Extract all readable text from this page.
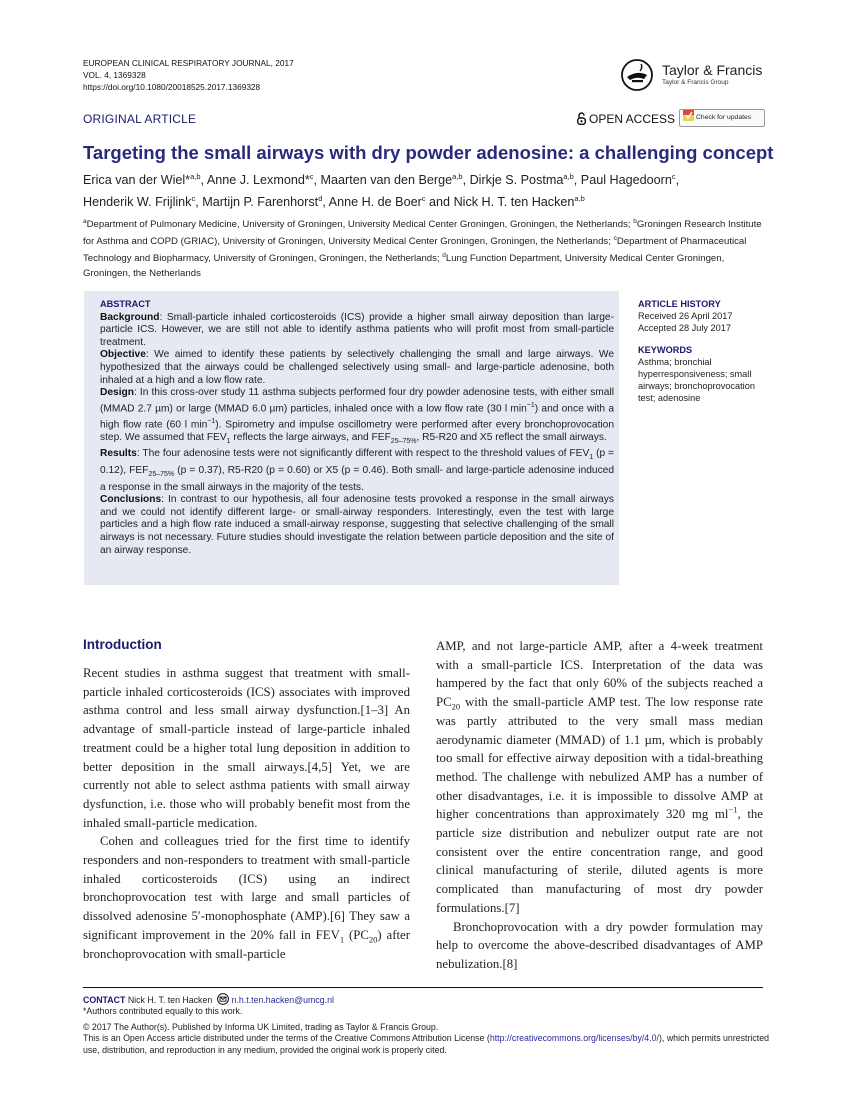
EUROPEAN CLINICAL RESPIRATORY JOURNAL, 2017
VOL. 4, 1369328
https://doi.org/10.1080/20018525.2017.1369328
Taylor & Francis
Taylor & Francis Group
ORIGINAL ARTICLE	OPEN ACCESS	Check for updates
Targeting the small airways with dry powder adenosine: a challenging concept
Erica van der Wiel*$^{a,b}$, Anne J. Lexmond*$^c$, Maarten van den Berge$^{a,b}$, Dirkje S. Postma$^{a,b}$, Paul Hagedoorn$^c$,
Henderik W. Frijlink$^c$, Martijn P. Farenhorst$^d$, Anne H. de Boer$^c$ and Nick H. T. ten Hacken$^{a,b}$
$^a$Department of Pulmonary Medicine, University of Groningen, University Medical Center Groningen, Groningen, the Netherlands; $^b$Groningen Research Institute for Asthma and COPD (GRIAC), University of Groningen, University Medical Center Groningen, Groningen, the Netherlands; $^c$Department of Pharmaceutical Technology and Biopharmacy, University of Groningen, Groningen, the Netherlands; $^d$Lung Function Department, University Medical Center Groningen, Groningen, the Netherlands
ABSTRACT

Background: Small-particle inhaled corticosteroids (ICS) provide a higher small airway deposition than large-particle ICS. However, we are still not able to identify asthma patients who will profit most from small-particle treatment.

Objective: We aimed to identify these patients by selectively challenging the small and large airways. We hypothesized that the airways could be challenged selectively using small- and large-particle adenosine, both inhaled at a high and a low flow rate.

Design: In this cross-over study 11 asthma subjects performed four dry powder adenosine tests, with either small (MMAD 2.7 µm) or large (MMAD 6.0 µm) particles, inhaled once with a low flow rate (30 l $\min^{-1}$) and once with a high flow rate (60 l $\min^{-1}$). Spirometry and impulse oscillometry were performed after every bronchoprovocation step. We assumed that $FEV_1$ reflects the large airways, and $FEF_{25-75\%}$, R5-R20 and X5 reflect the small airways.

Results: The four adenosine tests were not significantly different with respect to the threshold values of $FEV_1$ (p = 0.12), $FEF_{25-75\%}$ (p = 0.37), R5-R20 (p = 0.60) or X5 (p = 0.46). Both small- and large-particle adenosine induced a response in the small airways in the majority of the tests.

Conclusions: In contrast to our hypothesis, all four adenosine tests provoked a response in the small airways and we could not identify different large- or small-airway responders. Interestingly, even the test with large particles and a high flow rate induced a small-airway response, suggesting that selective challenging of the small airways is not necessary. Future studies should investigate the relation between particle deposition and the site of an airway response.

ARTICLE HISTORY

Received 26 April 2017

Accepted 28 July 2017

KEYWORDS

Asthma; bronchial hyperresponsiveness; small airways; bronchoprovocation test; adenosine

Introduction

Recent studies in asthma suggest that treatment with small-particle inhaled corticosteroids (ICS) associates with improved asthma control and less small airway dysfunction.[1–3] An advantage of small-particle instead of large-particle inhaled treatment could be a higher total lung deposition in addition to better deposition in the small airways.[4,5] Yet, we are currently not able to select asthma patients with small airway dysfunction, i.e. those who will probably benefit most from the inhaled small-particle medication.

Cohen and colleagues tried for the first time to identify responders and non-responders to treatment with small-particle inhaled corticosteroids (ICS) using an indirect bronchoprovocation test with large and small particles of dissolved adenosine 5′-monophosphate (AMP).[6] They saw a significant improvement in the 20% fall in $FEV_1$ $(PC_{20})$ after bronchoprovocation with small-particle

AMP, and not large-particle AMP, after a 4-week treatment with a small-particle ICS. Interpretation of the data was hampered by the fact that only 60% of the subjects reached a $PC_{20}$ with the small-particle AMP test. The low response rate was partly attributed to the very small mass median aerodynamic diameter (MMAD) of 1.1 µm, which is probably too small for effective airway deposition with a tidal-breathing method. The challenge with nebulized AMP has a number of other disadvantages, i.e. it is impossible to dissolve AMP at higher concentrations than approximately 320 mg $ml^{-1}$, the particle size distribution and nebulizer output rate are not consistent over the entire concentration range, and good clinical manufacturing of sterile, diluted agents is more complicated than manufacturing of most dry powder formulations.[7]

Bronchoprovocation with a dry powder formulation may help to overcome the above-described disadvantages of AMP nebulization.[8]

CONTACT Nick H. T. ten Hacken n.h.t.ten.hacken@umcg.nl

*Authors contributed equally to this work.

© 2017 The Author(s). Published by Informa UK Limited, trading as Taylor & Francis Group.

This is an Open Access article distributed under the terms of the Creative Commons Attribution License (http://creativecommons.org/licenses/by/4.0/), which permits unrestricted use, distribution, and reproduction in any medium, provided the original work is properly cited.
